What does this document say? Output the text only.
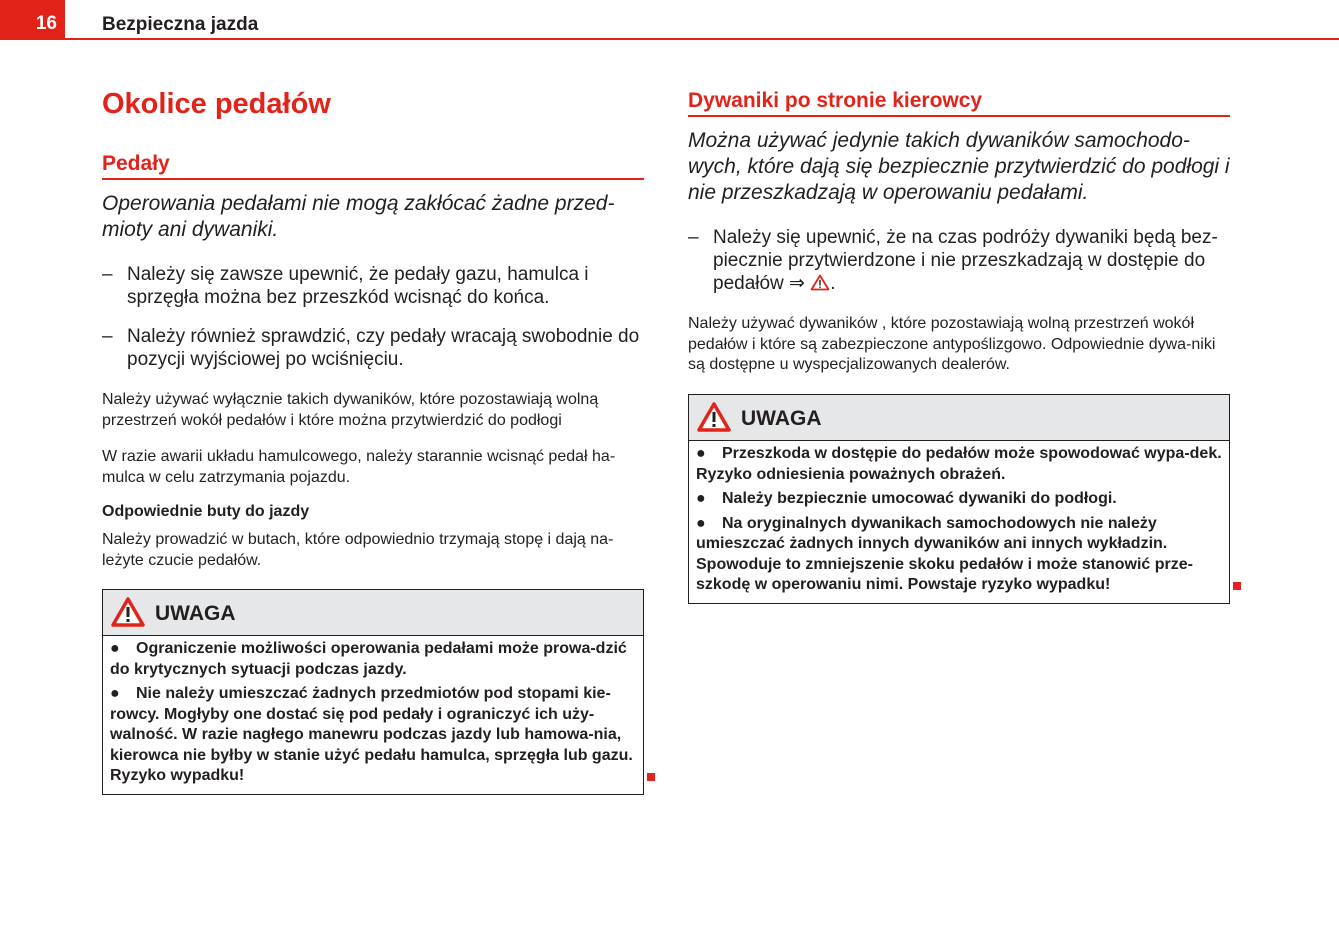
16 Bezpieczna jazda
Okolice pedałów
Pedały
Operowania pedałami nie mogą zakłócać żadne przed-mioty ani dywaniki.
– Należy się zawsze upewnić, że pedały gazu, hamulca i sprzęgła można bez przeszkód wcisnąć do końca.
– Należy również sprawdzić, czy pedały wracają swobodnie do pozycji wyjściowej po wciśnięciu.
Należy używać wyłącznie takich dywaników, które pozostawiają wolną przestrzeń wokół pedałów i które można przytwierdzić do podłogi
W razie awarii układu hamulcowego, należy starannie wcisnąć pedał ha-mulca w celu zatrzymania pojazdu.
Odpowiednie buty do jazdy
Należy prowadzić w butach, które odpowiednio trzymają stopę i dają na-leżyte czucie pedałów.
UWAGA
● Ograniczenie możliwości operowania pedałami może prowa-dzić do krytycznych sytuacji podczas jazdy.
● Nie należy umieszczać żadnych przedmiotów pod stopami kie-rowcy. Mogłyby one dostać się pod pedały i ograniczyć ich uży-walność. W razie nagłego manewru podczas jazdy lub hamowa-nia, kierowca nie byłby w stanie użyć pedału hamulca, sprzęgła lub gazu. Ryzyko wypadku!
Dywaniki po stronie kierowcy
Można używać jedynie takich dywaników samochodo-wych, które dają się bezpiecznie przytwierdzić do podłogi i nie przeszkadzają w operowaniu pedałami.
– Należy się upewnić, że na czas podróży dywaniki będą bez-piecznie przytwierdzone i nie przeszkadzają w dostępie do pedałów ⇒ .
Należy używać dywaników , które pozostawiają wolną przestrzeń wokół pedałów i które są zabezpieczone antypoślizgowo. Odpowiednie dywa-niki są dostępne u wyspecjalizowanych dealerów.
UWAGA
● Przeszkoda w dostępie do pedałów może spowodować wypa-dek. Ryzyko odniesienia poważnych obrażeń.
● Należy bezpiecznie umocować dywaniki do podłogi.
● Na oryginalnych dywanikach samochodowych nie należy umieszczać żadnych innych dywaników ani innych wykładzin. Spowoduje to zmniejszenie skoku pedałów i może stanowić prze-szkodę w operowaniu nimi. Powstaje ryzyko wypadku!
